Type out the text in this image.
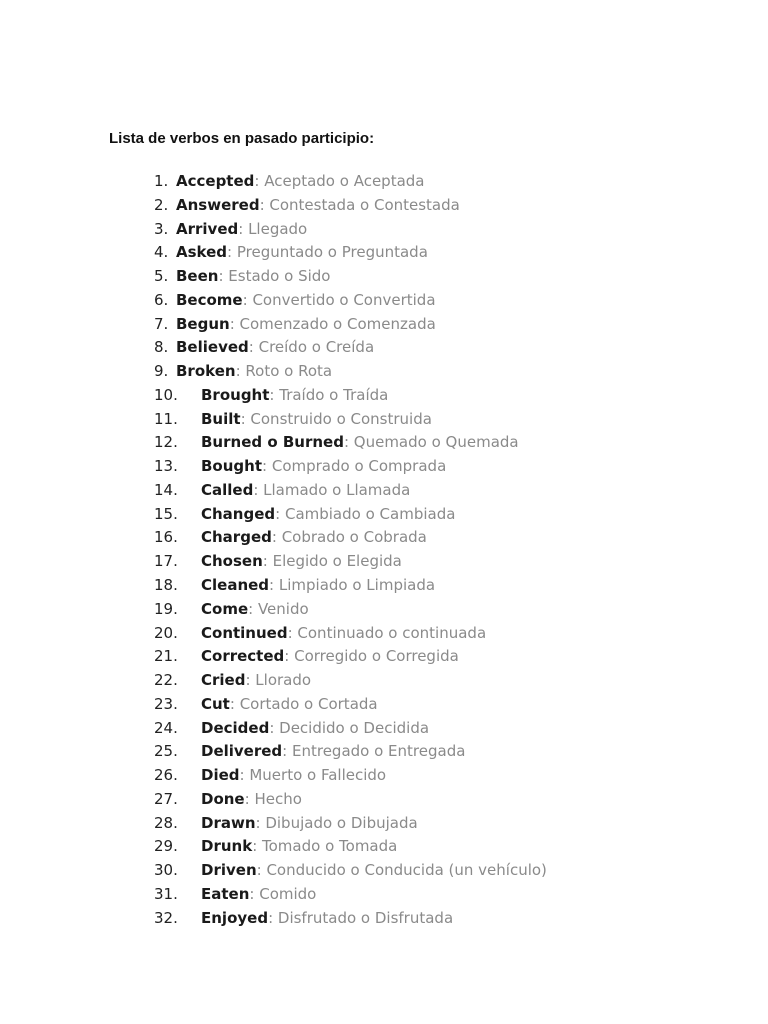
Lista de verbos en pasado participio:
1. Accepted: Aceptado o Aceptada
2. Answered: Contestada o Contestada
3. Arrived: Llegado
4. Asked: Preguntado o Preguntada
5. Been: Estado o Sido
6. Become: Convertido o Convertida
7. Begun: Comenzado o Comenzada
8. Believed: Creído o Creída
9. Broken: Roto o Rota
10. Brought: Traído o Traída
11. Built: Construido o Construida
12. Burned o Burned: Quemado o Quemada
13. Bought: Comprado o Comprada
14. Called: Llamado o Llamada
15. Changed: Cambiado o Cambiada
16. Charged: Cobrado o Cobrada
17. Chosen: Elegido o Elegida
18. Cleaned: Limpiado o Limpiada
19. Come: Venido
20. Continued: Continuado o continuada
21. Corrected: Corregido o Corregida
22. Cried: Llorado
23. Cut: Cortado o Cortada
24. Decided: Decidido o Decidida
25. Delivered: Entregado o Entregada
26. Died: Muerto o Fallecido
27. Done: Hecho
28. Drawn: Dibujado o Dibujada
29. Drunk: Tomado o Tomada
30. Driven: Conducido o Conducida (un vehículo)
31. Eaten: Comido
32. Enjoyed: Disfrutado o Disfrutada
